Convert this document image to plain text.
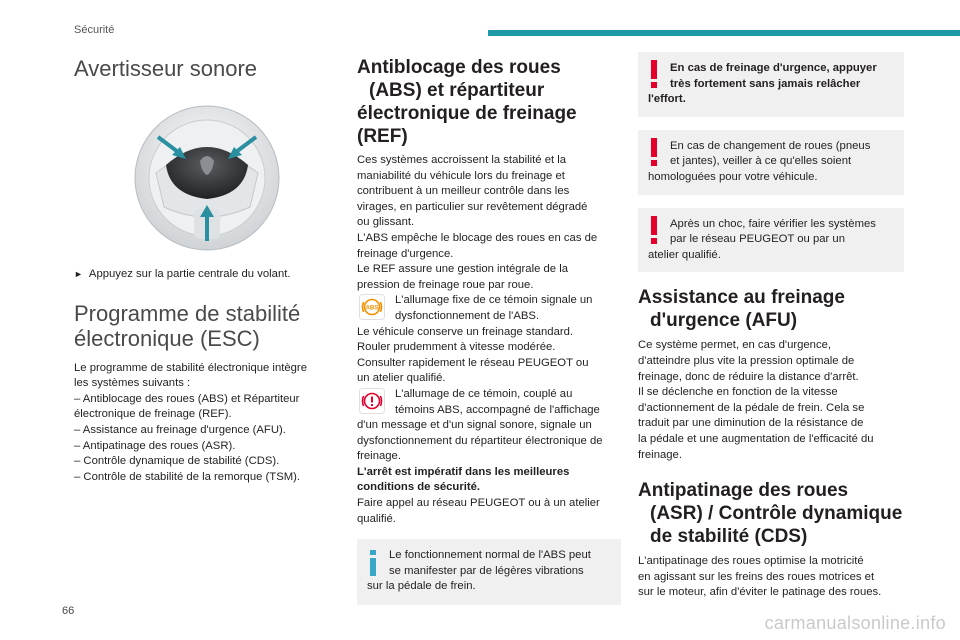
Sécurité
Avertisseur sonore
► Appuyez sur la partie centrale du volant.
Programme de stabilité
électronique (ESC)

Le programme de stabilité électronique intègre
les systèmes suivants :
– Antiblocage des roues (ABS) et Répartiteur
électronique de freinage (REF).
– Assistance au freinage d'urgence (AFU).
– Antipatinage des roues (ASR).
– Contrôle dynamique de stabilité (CDS).
– Contrôle de stabilité de la remorque (TSM).

Antiblocage des roues
(ABS) et répartiteur
électronique de freinage
(REF)

Ces systèmes accroissent la stabilité et la
maniabilité du véhicule lors du freinage et
contribuent à un meilleur contrôle dans les
virages, en particulier sur revêtement dégradé
ou glissant.
L'ABS empêche le blocage des roues en cas de
freinage d'urgence.
Le REF assure une gestion intégrale de la
pression de freinage roue par roue.

ABS
L'allumage fixe de ce témoin signale un
dysfonctionnement de l'ABS.

Le véhicule conserve un freinage standard.
Rouler prudemment à vitesse modérée.
Consulter rapidement le réseau PEUGEOT ou
un atelier qualifié.

L'allumage de ce témoin, couplé au
témoins ABS, accompagné de l'affichage

d'un message et d'un signal sonore, signale un
dysfonctionnement du répartiteur électronique de
freinage.
L'arrêt est impératif dans les meilleures
conditions de sécurité.
Faire appel au réseau PEUGEOT ou à un atelier
qualifié.

Le fonctionnement normal de l'ABS peut
se manifester par de légères vibrations
sur la pédale de frein.
En cas de freinage d'urgence, appuyer
très fortement sans jamais relâcher
l'effort.
En cas de changement de roues (pneus
et jantes), veiller à ce qu'elles soient
homologuées pour votre véhicule.
Après un choc, faire vérifier les systèmes
par le réseau PEUGEOT ou par un
atelier qualifié.
Assistance au freinage
d'urgence (AFU)

Ce système permet, en cas d'urgence,
d'atteindre plus vite la pression optimale de
freinage, donc de réduire la distance d'arrêt.
Il se déclenche en fonction de la vitesse
d'actionnement de la pédale de frein. Cela se
traduit par une diminution de la résistance de
la pédale et une augmentation de l'efficacité du
freinage.

Antipatinage des roues
(ASR) / Contrôle dynamique
de stabilité (CDS)

L'antipatinage des roues optimise la motricité
en agissant sur les freins des roues motrices et
sur le moteur, afin d'éviter le patinage des roues.

66
carmanualsonline.info
